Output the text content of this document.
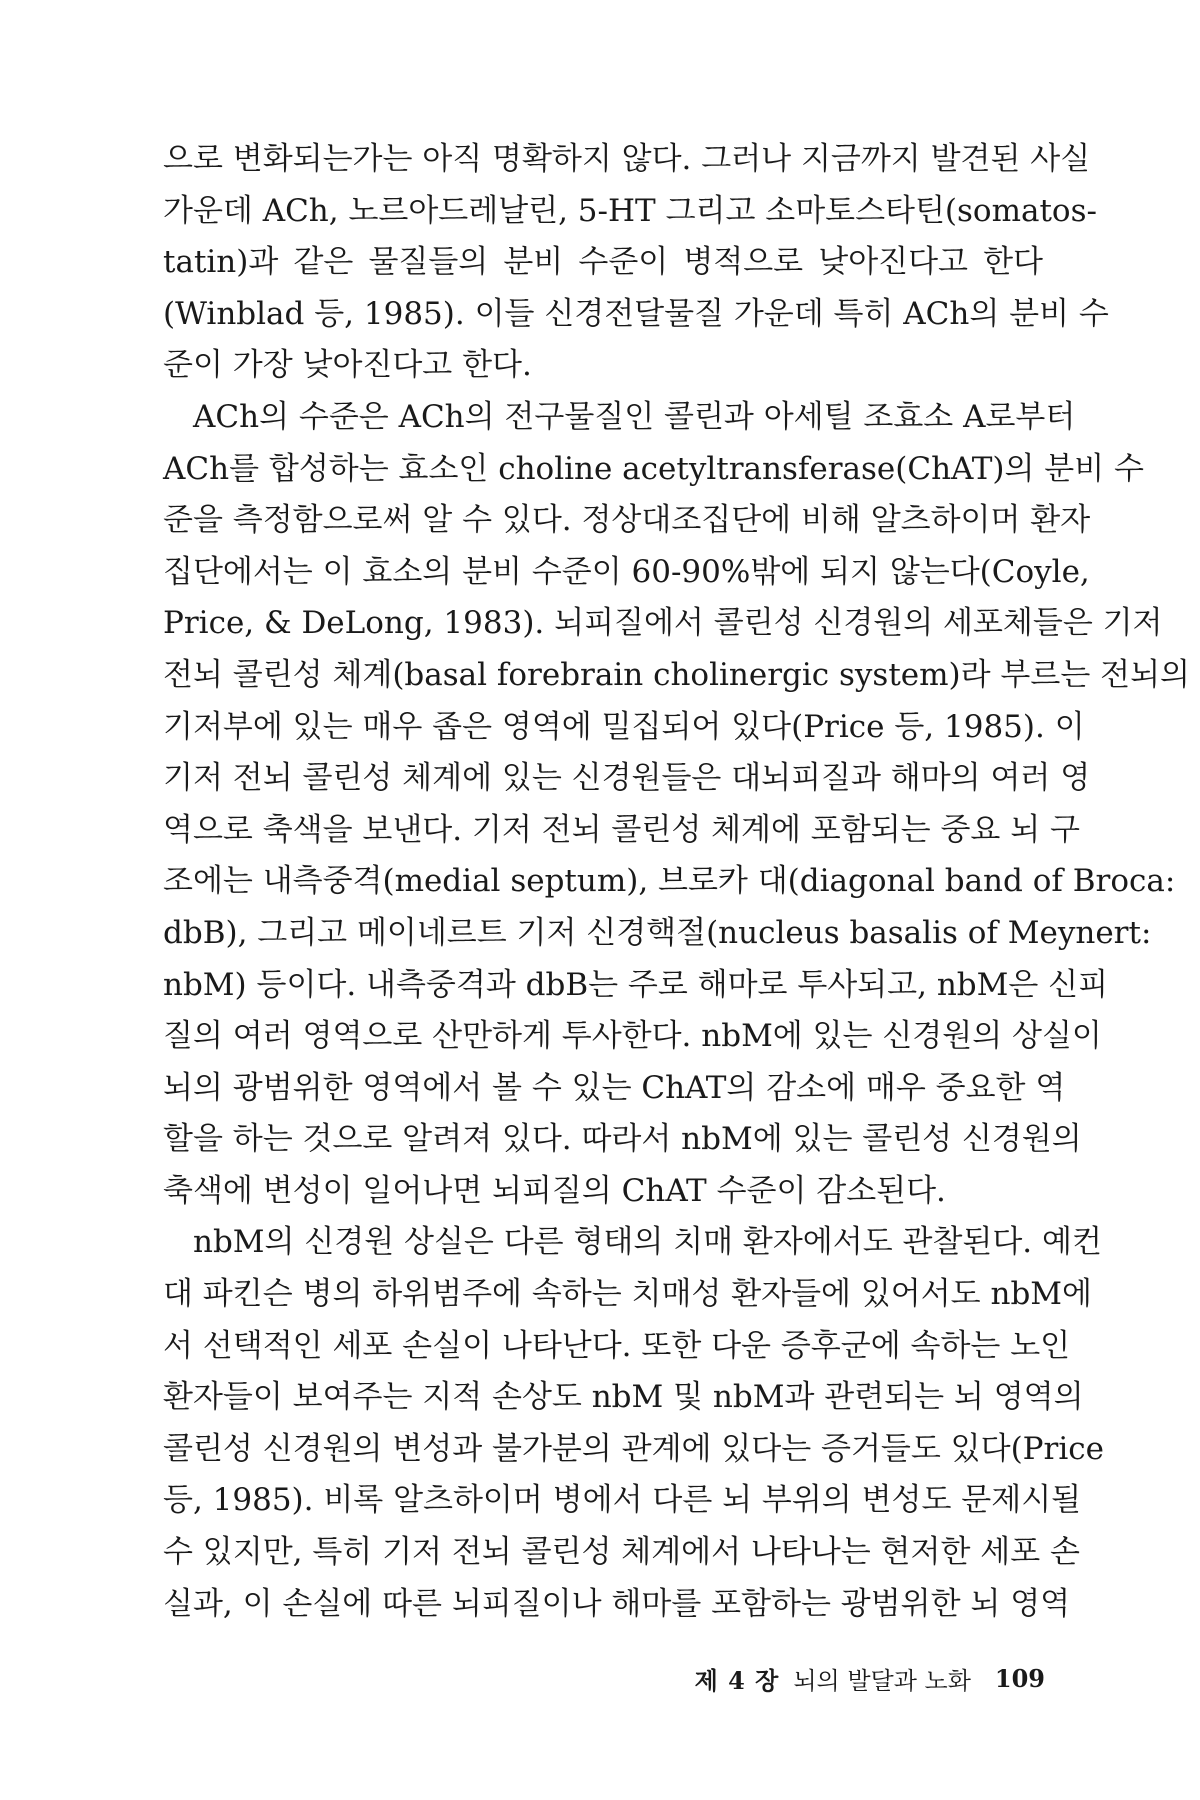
으로 변화되는가는 아직 명확하지 않다. 그러나 지금까지 발견된 사실
가운데 ACh, 노르아드레날린, 5-HT 그리고 소마토스타틴(somatos-
tatin)과 같은 물질들의 분비 수준이 병적으로 낮아진다고 한다
(Winblad 등, 1985). 이들 신경전달물질 가운데 특히 ACh의 분비 수
준이 가장 낮아진다고 한다.
ACh의 수준은 ACh의 전구물질인 콜린과 아세틸 조효소 A로부터
ACh를 합성하는 효소인 choline acetyltransferase(ChAT)의 분비 수
준을 측정함으로써 알 수 있다. 정상대조집단에 비해 알츠하이머 환자
집단에서는 이 효소의 분비 수준이 60-90%밖에 되지 않는다(Coyle,
Price, & DeLong, 1983). 뇌피질에서 콜린성 신경원의 세포체들은 기저
전뇌 콜린성 체계(basal forebrain cholinergic system)라 부르는 전뇌의
기저부에 있는 매우 좁은 영역에 밀집되어 있다(Price 등, 1985). 이
기저 전뇌 콜린성 체계에 있는 신경원들은 대뇌피질과 해마의 여러 영
역으로 축색을 보낸다. 기저 전뇌 콜린성 체계에 포함되는 중요 뇌 구
조에는 내측중격(medial septum), 브로카 대(diagonal band of Broca:
dbB), 그리고 메이네르트 기저 신경핵절(nucleus basalis of Meynert:
nbM) 등이다. 내측중격과 dbB는 주로 해마로 투사되고, nbM은 신피
질의 여러 영역으로 산만하게 투사한다. nbM에 있는 신경원의 상실이
뇌의 광범위한 영역에서 볼 수 있는 ChAT의 감소에 매우 중요한 역
할을 하는 것으로 알려져 있다. 따라서 nbM에 있는 콜린성 신경원의
축색에 변성이 일어나면 뇌피질의 ChAT 수준이 감소된다.
nbM의 신경원 상실은 다른 형태의 치매 환자에서도 관찰된다. 예컨
대 파킨슨 병의 하위범주에 속하는 치매성 환자들에 있어서도 nbM에
서 선택적인 세포 손실이 나타난다. 또한 다운 증후군에 속하는 노인
환자들이 보여주는 지적 손상도 nbM 및 nbM과 관련되는 뇌 영역의
콜린성 신경원의 변성과 불가분의 관계에 있다는 증거들도 있다(Price
등, 1985). 비록 알츠하이머 병에서 다른 뇌 부위의 변성도 문제시될
수 있지만, 특히 기저 전뇌 콜린성 체계에서 나타나는 현저한 세포 손
실과, 이 손실에 따른 뇌피질이나 해마를 포함하는 광범위한 뇌 영역
제 4 장 뇌의 발달과 노화 109
